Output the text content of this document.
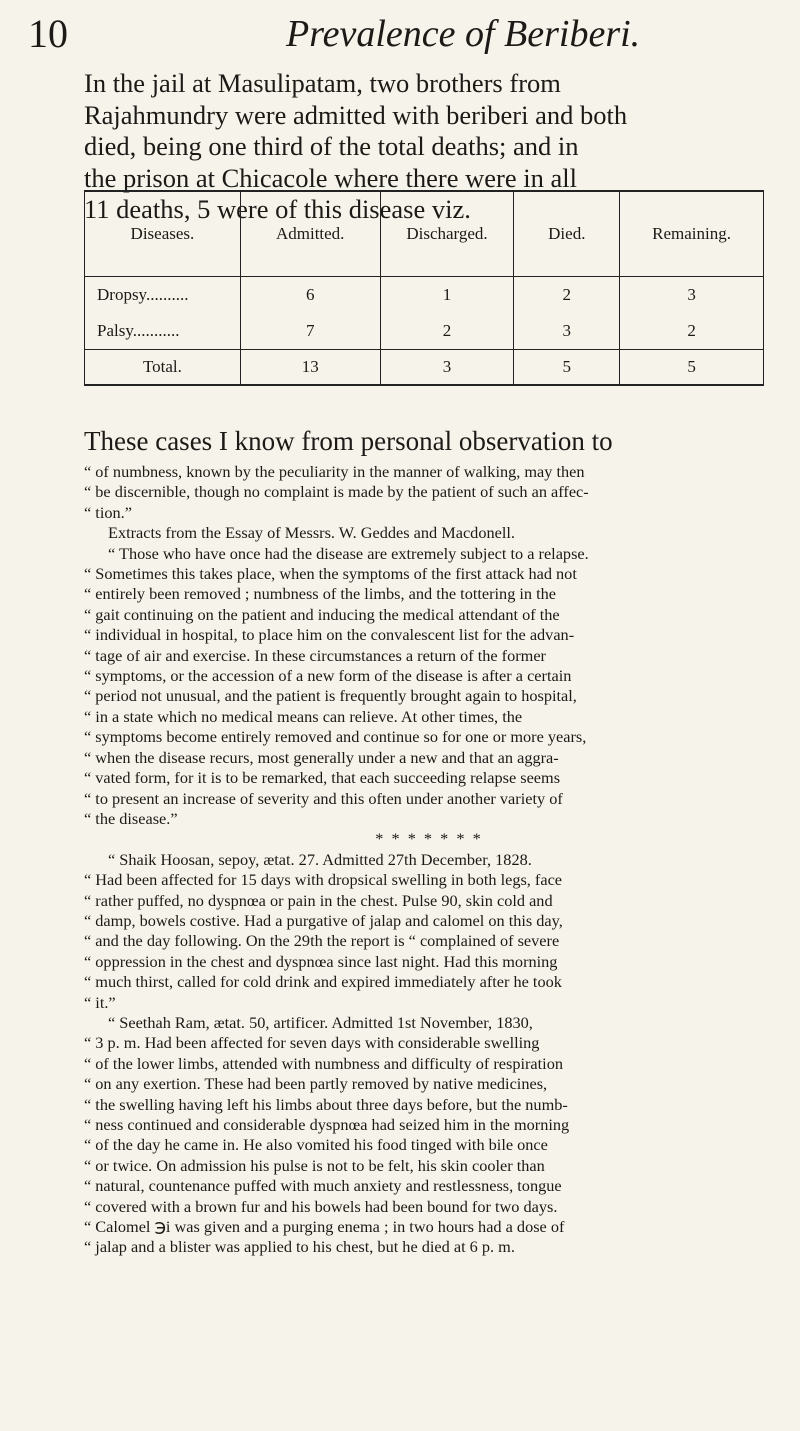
10	Prevalence of Beriberi.
In the jail at Masulipatam, two brothers from
Rajahmundry were admitted with beriberi and both
died, being one third of the total deaths; and in
the prison at Chicacole where there were in all
11 deaths, 5 were of this disease viz.
Diseases.	Admitted.	Discharged.	Died.	Remaining.
Dropsy..........	6	1	2	3
Palsy...........	7	2	3	2
Total.	13	3	5	5
These cases I know from personal observation to
“ of numbness, known by the peculiarity in the manner of walking, may then
“ be discernible, though no complaint is made by the patient of such an affec-
“ tion.”
Extracts from the Essay of Messrs. W. Geddes and Macdonell.
“ Those who have once had the disease are extremely subject to a relapse.
“ Sometimes this takes place, when the symptoms of the first attack had not
“ entirely been removed ; numbness of the limbs, and the tottering in the
“ gait continuing on the patient and inducing the medical attendant of the
“ individual in hospital, to place him on the convalescent list for the advan-
“ tage of air and exercise. In these circumstances a return of the former
“ symptoms, or the accession of a new form of the disease is after a certain
“ period not unusual, and the patient is frequently brought again to hospital,
“ in a state which no medical means can relieve. At other times, the
“ symptoms become entirely removed and continue so for one or more years,
“ when the disease recurs, most generally under a new and that an aggra-
“ vated form, for it is to be remarked, that each succeeding relapse seems
“ to present an increase of severity and this often under another variety of
“ the disease.”
* * * * * * *
“ Shaik Hoosan, sepoy, ætat. 27. Admitted 27th December, 1828.
“ Had been affected for 15 days with dropsical swelling in both legs, face
“ rather puffed, no dyspnœa or pain in the chest. Pulse 90, skin cold and
“ damp, bowels costive. Had a purgative of jalap and calomel on this day,
“ and the day following. On the 29th the report is “ complained of severe
“ oppression in the chest and dyspnœa since last night. Had this morning
“ much thirst, called for cold drink and expired immediately after he took
“ it.”
“ Seethah Ram, ætat. 50, artificer. Admitted 1st November, 1830,
“ 3 p. m. Had been affected for seven days with considerable swelling
“ of the lower limbs, attended with numbness and difficulty of respiration
“ on any exertion. These had been partly removed by native medicines,
“ the swelling having left his limbs about three days before, but the numb-
“ ness continued and considerable dyspnœa had seized him in the morning
“ of the day he came in. He also vomited his food tinged with bile once
“ or twice. On admission his pulse is not to be felt, his skin cooler than
“ natural, countenance puffed with much anxiety and restlessness, tongue
“ covered with a brown fur and his bowels had been bound for two days.
“ Calomel ℈i was given and a purging enema ; in two hours had a dose of
“ jalap and a blister was applied to his chest, but he died at 6 p. m.
